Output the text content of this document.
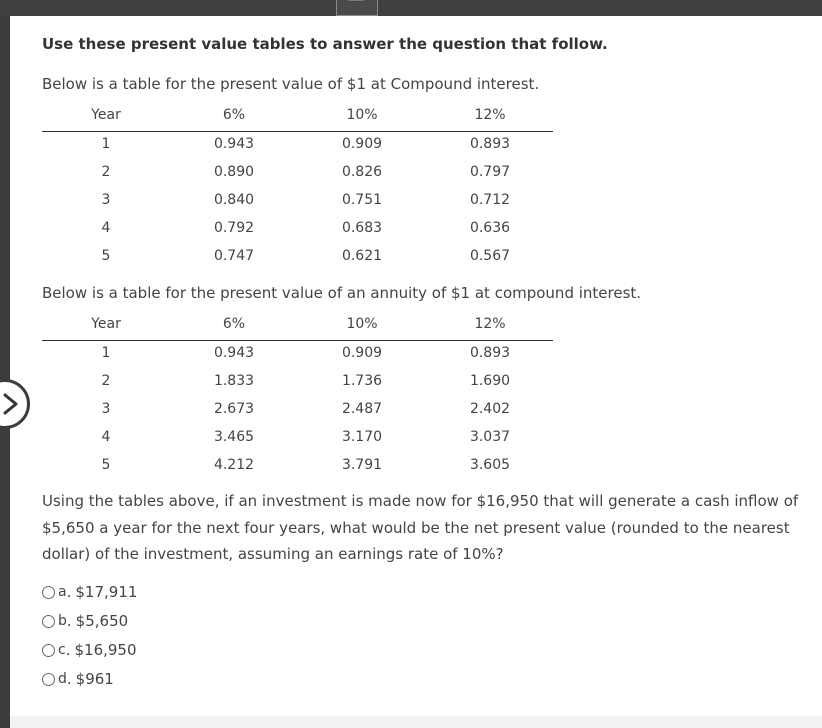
Use these present value tables to answer the question that follow.
Below is a table for the present value of $1 at Compound interest.
Year	6%	10%	12%
1	0.943	0.909	0.893
2	0.890	0.826	0.797
3	0.840	0.751	0.712
4	0.792	0.683	0.636
5	0.747	0.621	0.567
Below is a table for the present value of an annuity of $1 at compound interest.
Year	6%	10%	12%
1	0.943	0.909	0.893
2	1.833	1.736	1.690
3	2.673	2.487	2.402
4	3.465	3.170	3.037
5	4.212	3.791	3.605
Using the tables above, if an investment is made now for $16,950 that will generate a cash inflow of $5,650 a year for the next four years, what would be the net present value (rounded to the nearest dollar) of the investment, assuming an earnings rate of 10%?
a . $17,911
b . $5,650
c . $16,950
d . $961
